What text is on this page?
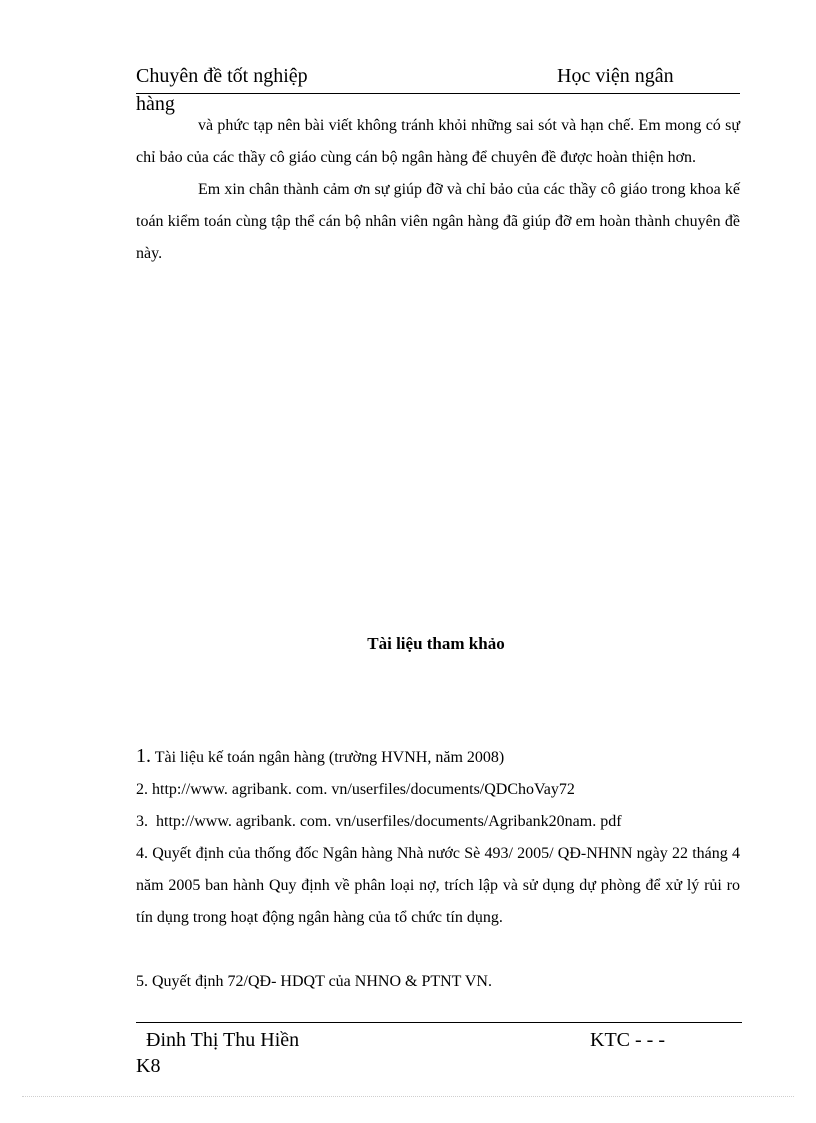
Chuyên đề tốt nghiệp	Học viện ngân
hàng

và phức tạp nên bài viết không tránh khỏi những sai sót và hạn chế. Em mong có sự chỉ bảo của các thầy cô giáo cùng cán bộ ngân hàng để chuyên đề được hoàn thiện hơn.

Em xin chân thành cảm ơn sự giúp đỡ và chỉ bảo của các thầy cô giáo trong khoa kế toán kiểm toán cùng tập thể cán bộ nhân viên ngân hàng đã giúp đỡ em hoàn thành chuyên đề này.

Tài liệu tham khảo
1. Tài liệu kế toán ngân hàng (trường HVNH, năm 2008)
2. http://www. agribank. com. vn/userfiles/documents/QDChoVay72
3. http://www. agribank. com. vn/userfiles/documents/Agribank20nam. pdf
4. Quyết định của thống đốc Ngân hàng Nhà nước Sè 493/ 2005/ QĐ-NHNN ngày 22 tháng 4 năm 2005 ban hành Quy định về phân loại nợ, trích lập và sử dụng dự phòng để xử lý rủi ro tín dụng trong hoạt động ngân hàng của tổ chức tín dụng.
5. Quyết định 72/QĐ- HDQT của NHNO & PTNT VN.
Đinh Thị Thu Hiền	KTC - - -
K8
